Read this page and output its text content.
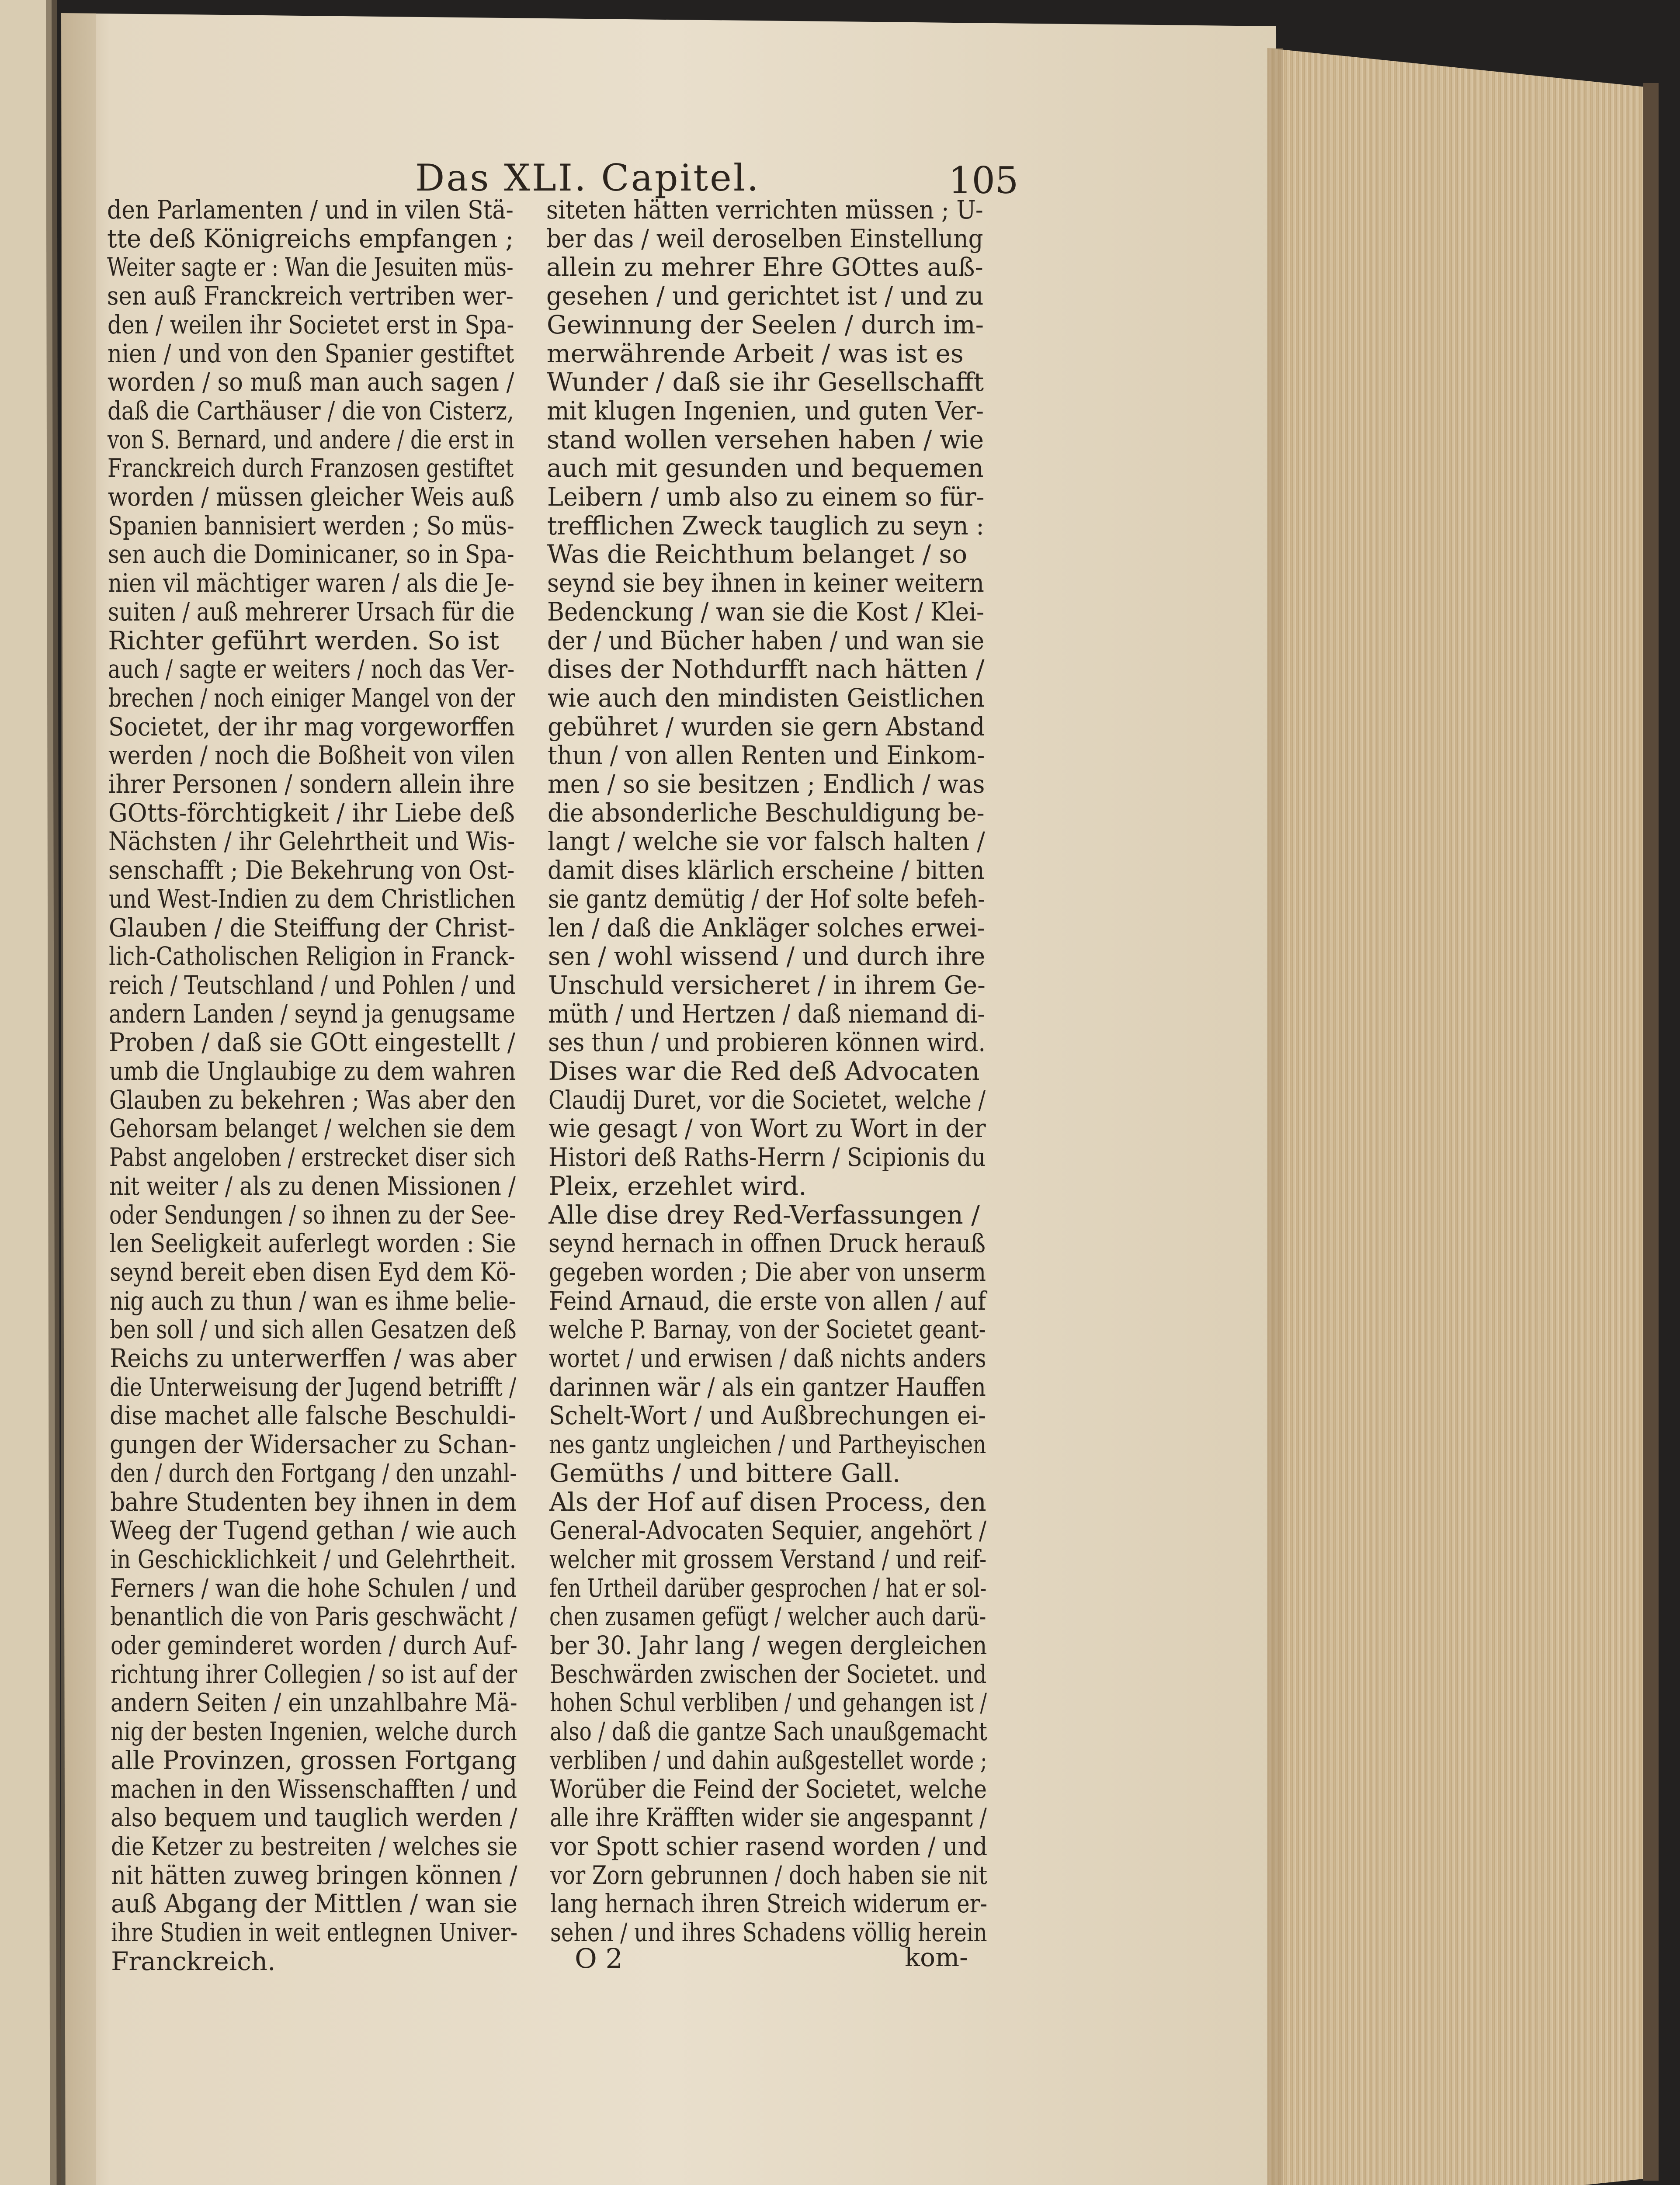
Das XLI. Capitel.	105
den Parlamenten / und in vilen Stä-
tte deß Königreichs empfangen ;
Weiter sagte er : Wan die Jesuiten müs-
sen auß Franckreich vertriben wer-
den / weilen ihr Societet erst in Spa-
nien / und von den Spanier gestiftet
worden / so muß man auch sagen /
daß die Carthäuser / die von Cisterz,
von S. Bernard, und andere / die erst in
Franckreich durch Franzosen gestiftet
worden / müssen gleicher Weis auß
Spanien bannisiert werden ; So müs-
sen auch die Dominicaner, so in Spa-
nien vil mächtiger waren / als die Je-
suiten / auß mehrerer Ursach für die
Richter geführt werden. So ist
auch / sagte er weiters / noch das Ver-
brechen / noch einiger Mangel von der
Societet, der ihr mag vorgeworffen
werden / noch die Boßheit von vilen
ihrer Personen / sondern allein ihre
GOtts-förchtigkeit / ihr Liebe deß
Nächsten / ihr Gelehrtheit und Wis-
senschafft ; Die Bekehrung von Ost-
und West-Indien zu dem Christlichen
Glauben / die Steiffung der Christ-
lich-Catholischen Religion in Franck-
reich / Teutschland / und Pohlen / und
andern Landen / seynd ja genugsame
Proben / daß sie GOtt eingestellt /
umb die Unglaubige zu dem wahren
Glauben zu bekehren ; Was aber den
Gehorsam belanget / welchen sie dem
Pabst angeloben / erstrecket diser sich
nit weiter / als zu denen Missionen /
oder Sendungen / so ihnen zu der See-
len Seeligkeit auferlegt worden : Sie
seynd bereit eben disen Eyd dem Kö-
nig auch zu thun / wan es ihme belie-
ben soll / und sich allen Gesatzen deß
Reichs zu unterwerffen / was aber
die Unterweisung der Jugend betrifft /
dise machet alle falsche Beschuldi-
gungen der Widersacher zu Schan-
den / durch den Fortgang / den unzahl-
bahre Studenten bey ihnen in dem
Weeg der Tugend gethan / wie auch
in Geschicklichkeit / und Gelehrtheit.
Ferners / wan die hohe Schulen / und
benantlich die von Paris geschwächt /
oder geminderet worden / durch Auf-
richtung ihrer Collegien / so ist auf der
andern Seiten / ein unzahlbahre Mä-
nig der besten Ingenien, welche durch
alle Provinzen, grossen Fortgang
machen in den Wissenschafften / und
also bequem und tauglich werden /
die Ketzer zu bestreiten / welches sie
nit hätten zuweg bringen können /
auß Abgang der Mittlen / wan sie
ihre Studien in weit entlegnen Univer-
Franckreich.
siteten hätten verrichten müssen ; U-
ber das / weil deroselben Einstellung
allein zu mehrer Ehre GOttes auß-
gesehen / und gerichtet ist / und zu
Gewinnung der Seelen / durch im-
merwährende Arbeit / was ist es
Wunder / daß sie ihr Gesellschafft
mit klugen Ingenien, und guten Ver-
stand wollen versehen haben / wie
auch mit gesunden und bequemen
Leibern / umb also zu einem so für-
trefflichen Zweck tauglich zu seyn :
Was die Reichthum belanget / so
seynd sie bey ihnen in keiner weitern
Bedenckung / wan sie die Kost / Klei-
der / und Bücher haben / und wan sie
dises der Nothdurfft nach hätten /
wie auch den mindisten Geistlichen
gebühret / wurden sie gern Abstand
thun / von allen Renten und Einkom-
men / so sie besitzen ; Endlich / was
die absonderliche Beschuldigung be-
langt / welche sie vor falsch halten /
damit dises klärlich erscheine / bitten
sie gantz demütig / der Hof solte befeh-
len / daß die Ankläger solches erwei-
sen / wohl wissend / und durch ihre
Unschuld versicheret / in ihrem Ge-
müth / und Hertzen / daß niemand di-
ses thun / und probieren können wird.
Dises war die Red deß Advocaten
Claudij Duret, vor die Societet, welche /
wie gesagt / von Wort zu Wort in der
Histori deß Raths-Herrn / Scipionis du
Pleix, erzehlet wird.
Alle dise drey Red-Verfassungen /
seynd hernach in offnen Druck herauß
gegeben worden ; Die aber von unserm
Feind Arnaud, die erste von allen / auf
welche P. Barnay, von der Societet geant-
wortet / und erwisen / daß nichts anders
darinnen wär / als ein gantzer Hauffen
Schelt-Wort / und Außbrechungen ei-
nes gantz ungleichen / und Partheyischen
Gemüths / und bittere Gall.
Als der Hof auf disen Process, den
General-Advocaten Sequier, angehört /
welcher mit grossem Verstand / und reif-
fen Urtheil darüber gesprochen / hat er sol-
chen zusamen gefügt / welcher auch darü-
ber 30. Jahr lang / wegen dergleichen
Beschwärden zwischen der Societet. und
hohen Schul verbliben / und gehangen ist /
also / daß die gantze Sach unaußgemacht
verbliben / und dahin außgestellet worde ;
Worüber die Feind der Societet, welche
alle ihre Kräfften wider sie angespannt /
vor Spott schier rasend worden / und
vor Zorn gebrunnen / doch haben sie nit
lang hernach ihren Streich widerum er-
sehen / und ihres Schadens völlig herein
O 2	kom-
